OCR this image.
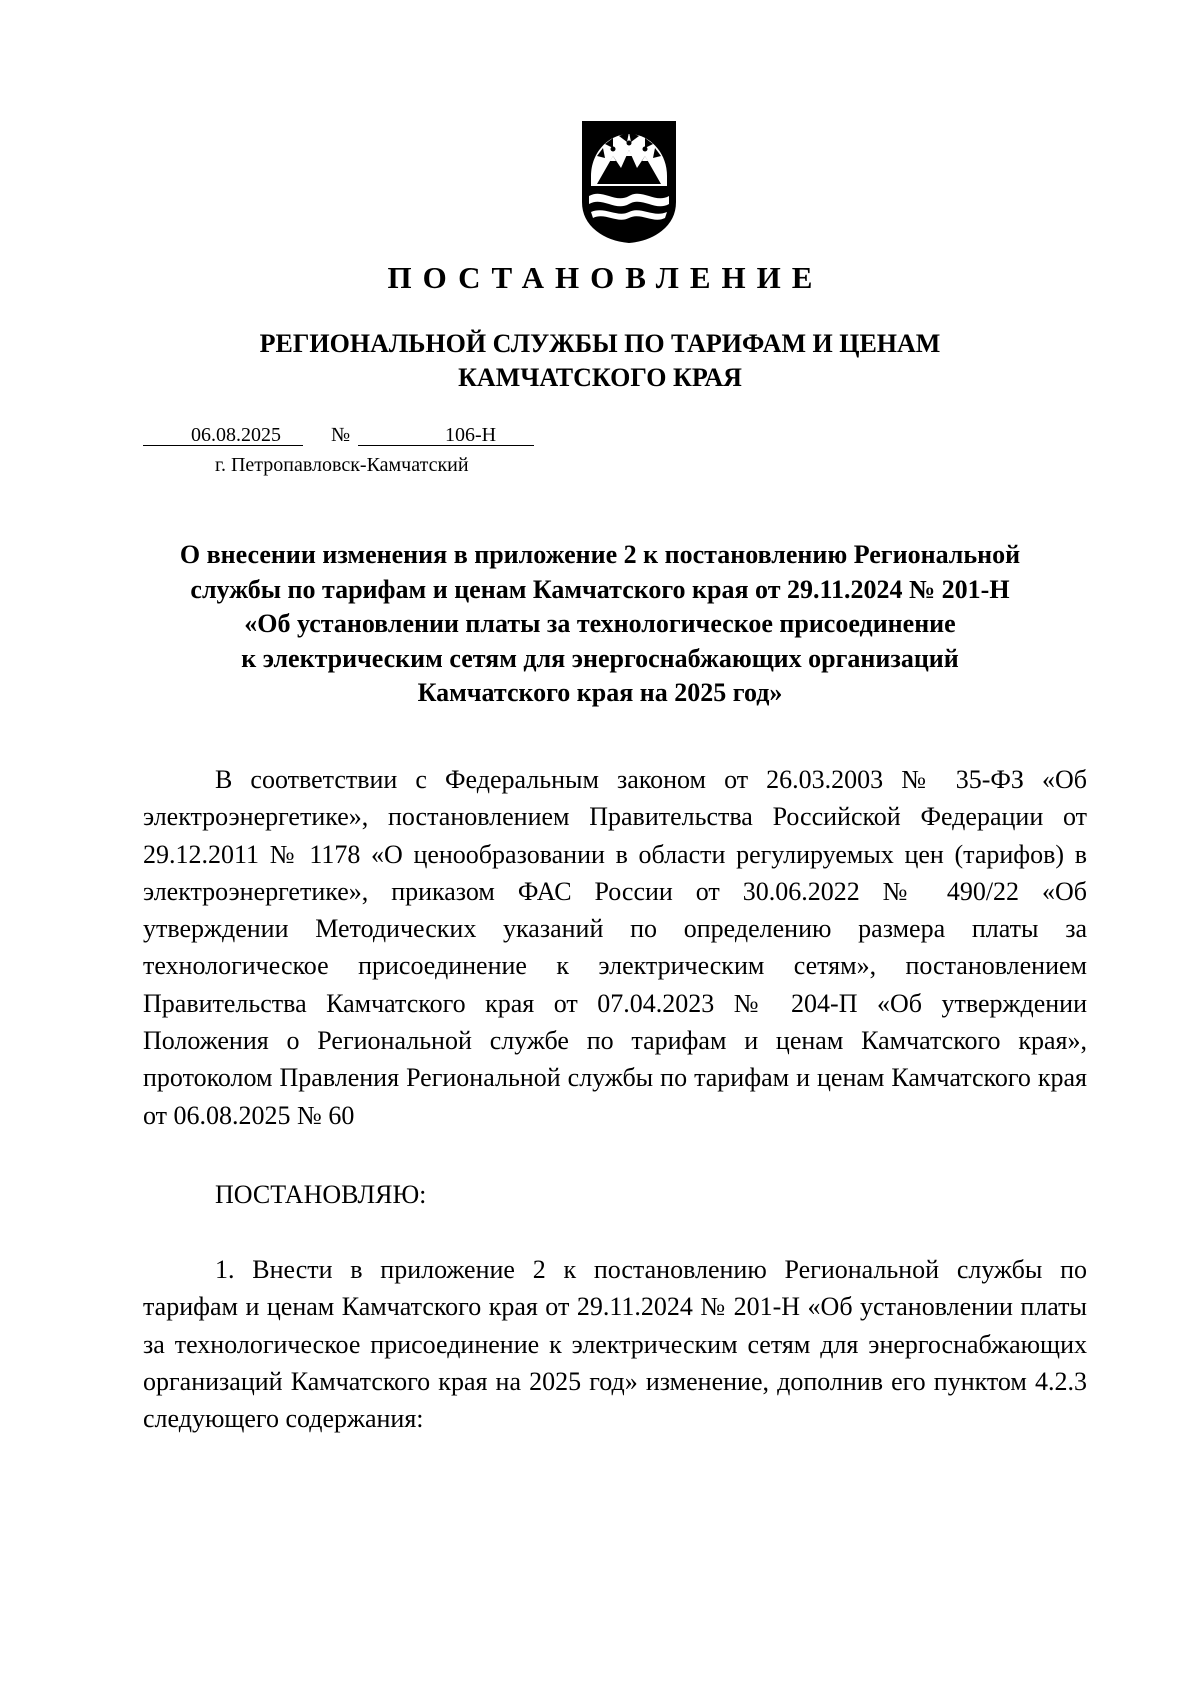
ПОСТАНОВЛЕНИЕ
РЕГИОНАЛЬНОЙ СЛУЖБЫ ПО ТАРИФАМ И ЦЕНАМ
КАМЧАТСКОГО КРАЯ
06.08.2025	№	106-Н
г. Петропавловск-Камчатский
О внесении изменения в приложение 2 к постановлению Региональной
службы по тарифам и ценам Камчатского края от 29.11.2024 № 201-Н
«Об установлении платы за технологическое присоединение
к электрическим сетям для энергоснабжающих организаций
Камчатского края на 2025 год»
В соответствии с Федеральным законом от 26.03.2003 № 35-ФЗ «Об электроэнергетике», постановлением Правительства Российской Федерации от 29.12.2011 № 1178 «О ценообразовании в области регулируемых цен (тарифов) в электроэнергетике», приказом ФАС России от 30.06.2022 № 490/22 «Об утверждении Методических указаний по определению размера платы за технологическое присоединение к электрическим сетям», постановлением Правительства Камчатского края от 07.04.2023 № 204-П «Об утверждении Положения о Региональной службе по тарифам и ценам Камчатского края», протоколом Правления Региональной службы по тарифам и ценам Камчатского края от 06.08.2025 № 60
ПОСТАНОВЛЯЮ:
1. Внести в приложение 2 к постановлению Региональной службы по тарифам и ценам Камчатского края от 29.11.2024 № 201-Н «Об установлении платы за технологическое присоединение к электрическим сетям для энергоснабжающих организаций Камчатского края на 2025 год» изменение, дополнив его пунктом 4.2.3 следующего содержания:
